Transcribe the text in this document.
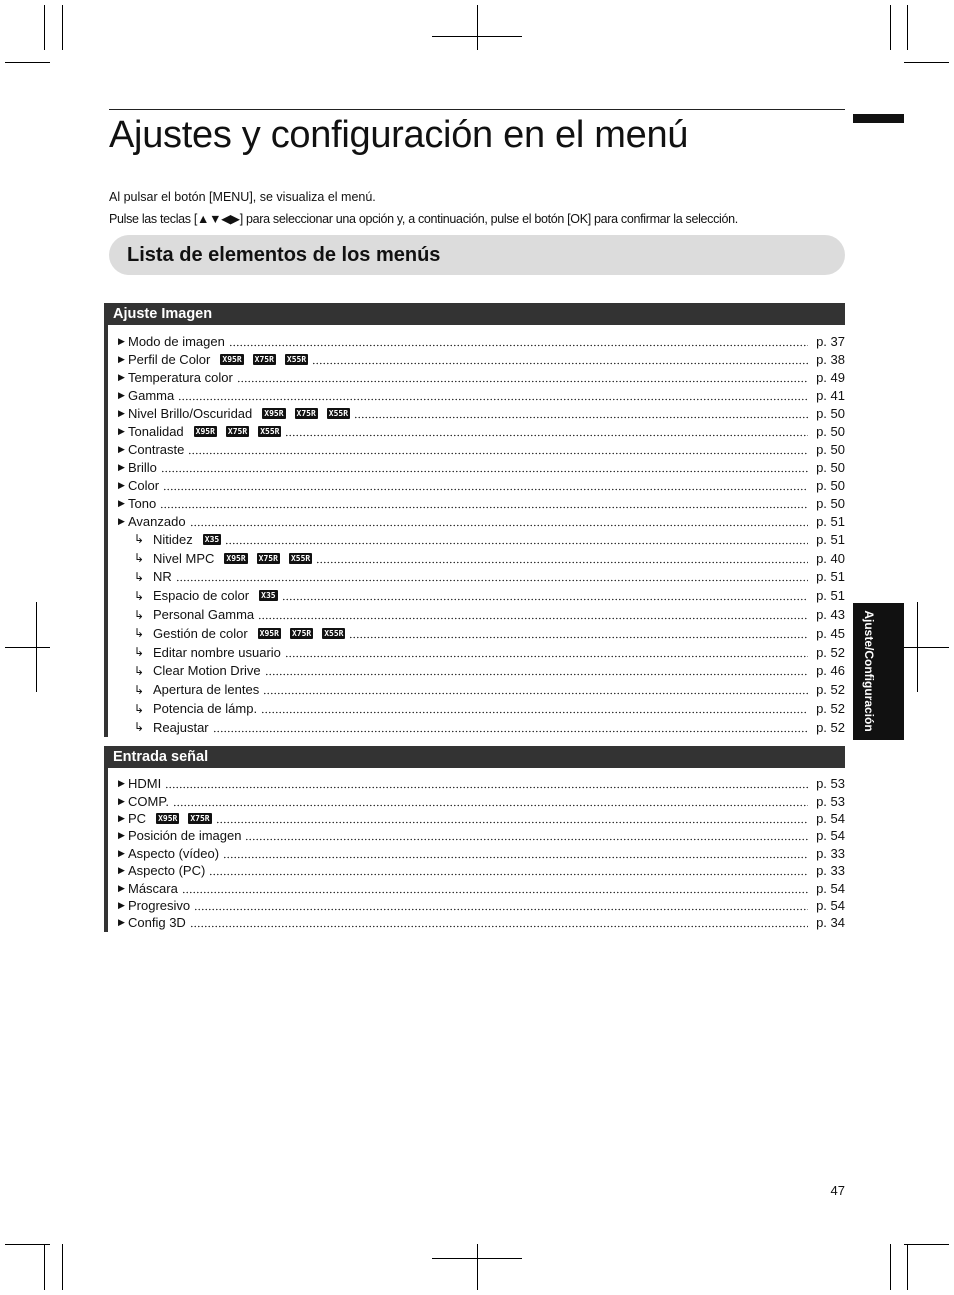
Ajustes y configuración en el menú

Al pulsar el botón [MENU], se visualiza el menú.

Pulse las teclas [▲▼◀▶] para seleccionar una opción y, a continuación, pulse el botón [OK] para confirmar la selección.

Lista de elementos de los menús
Ajuste Imagen
▶ Modo de imagen	p. 37
▶ Perfil de Color X95R X75R X55R	p. 38
▶ Temperatura color	p. 49
▶ Gamma	p. 41
▶ Nivel Brillo/Oscuridad X95R X75R X55R	p. 50
▶ Tonalidad X95R X75R X55R	p. 50
▶ Contraste	p. 50
▶ Brillo	p. 50
▶ Color	p. 50
▶ Tono	p. 50
▶ Avanzado	p. 51
↳ Nitidez X35	p. 51
↳ Nivel MPC X95R X75R X55R	p. 40
↳ NR	p. 51
↳ Espacio de color X35	p. 51
↳ Personal Gamma	p. 43
↳ Gestión de color X95R X75R X55R	p. 45
↳ Editar nombre usuario	p. 52
↳ Clear Motion Drive	p. 46
↳ Apertura de lentes	p. 52
↳ Potencia de lámp.	p. 52
↳ Reajustar	p. 52
Entrada señal
▶ HDMI	p. 53
▶ COMP.	p. 53
▶ PC X95R X75R	p. 54
▶ Posición de imagen	p. 54
▶ Aspecto (vídeo)	p. 33
▶ Aspecto (PC)	p. 33
▶ Máscara	p. 54
▶ Progresivo	p. 54
▶ Config 3D	p. 34
Ajuste/Configuración
47
